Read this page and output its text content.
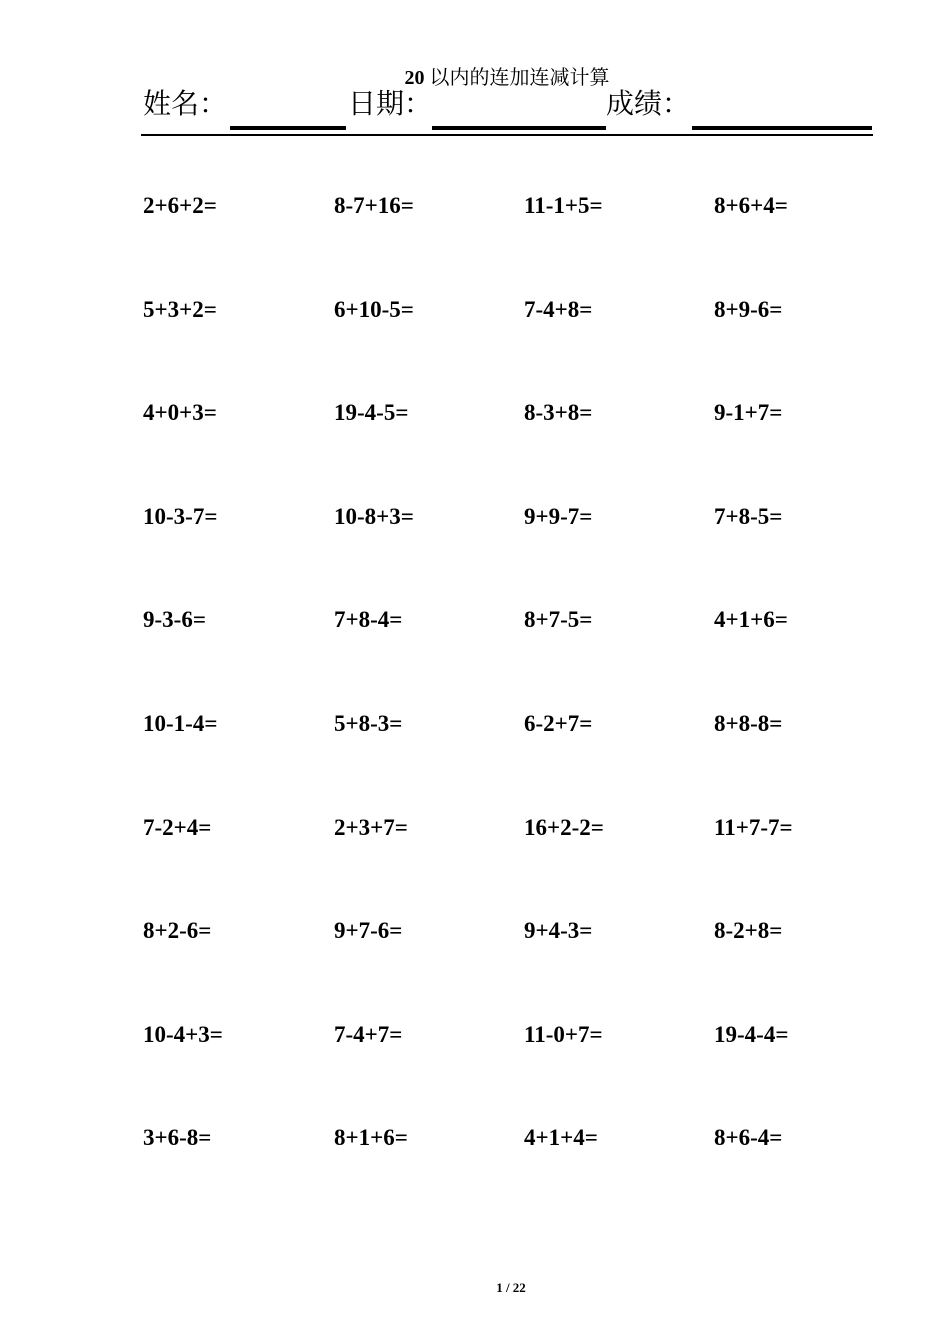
20 以内的连加连减计算
姓名：	日期：	成绩：
2+6+2=	8-7+16=	11-1+5=	8+6+4=
5+3+2=	6+10-5=	7-4+8=	8+9-6=
4+0+3=	19-4-5=	8-3+8=	9-1+7=
10-3-7=	10-8+3=	9+9-7=	7+8-5=
9-3-6=	7+8-4=	8+7-5=	4+1+6=
10-1-4=	5+8-3=	6-2+7=	8+8-8=
7-2+4=	2+3+7=	16+2-2=	11+7-7=
8+2-6=	9+7-6=	9+4-3=	8-2+8=
10-4+3=	7-4+7=	11-0+7=	19-4-4=
3+6-8=	8+1+6=	4+1+4=	8+6-4=
1 / 22
